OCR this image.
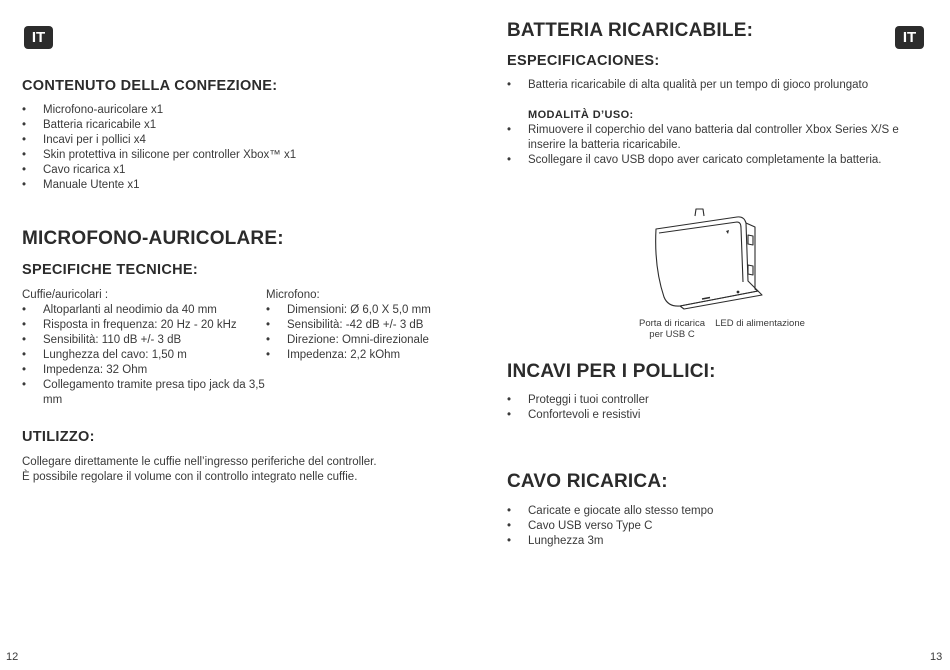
IT
CONTENUTO DELLA CONFEZIONE:
• Microfono-auricolare x1
• Batteria ricaricabile x1
• Incavi per i pollici x4
• Skin protettiva in silicone per controller Xbox™ x1
• Cavo ricarica x1
• Manuale Utente x1
MICROFONO-AURICOLARE:
SPECIFICHE TECNICHE:

Cuffie/auricolari :

• Altoparlanti al neodimio da 40 mm
• Risposta in frequenza: 20 Hz - 20 kHz
• Sensibilità: 110 dB +/- 3 dB
• Lunghezza del cavo: 1,50 m
• Impedenza: 32 Ohm
• Collegamento tramite presa tipo jack da 3,5 mm

Microfono:

• Dimensioni: Ø 6,0 X 5,0 mm
• Sensibilità: -42 dB +/- 3 dB
• Direzione: Omni-direzionale
• Impedenza: 2,2 kOhm
UTILIZZO:

Collegare direttamente le cuffie nell’ingresso periferiche del controller.

È possibile regolare il volume con il controllo integrato nelle cuffie.

12
IT
BATTERIA RICARICABILE:
ESPECIFICACIONES:
• Batteria ricaricabile di alta qualità per un tempo di gioco prolungato
MODALITÀ D’USO:
• Rimuovere il coperchio del vano batteria dal controller Xbox Series X/S e inserire la batteria ricaricabile.
• Scollegare il cavo USB dopo aver caricato completamente la batteria.
Porta di ricarica per USB C
LED di alimentazione
INCAVI PER I POLLICI:
• Proteggi i tuoi controller
• Confortevoli e resistivi
CAVO RICARICA:
• Caricate e giocate allo stesso tempo
• Cavo USB verso Type C
• Lunghezza 3m
13
